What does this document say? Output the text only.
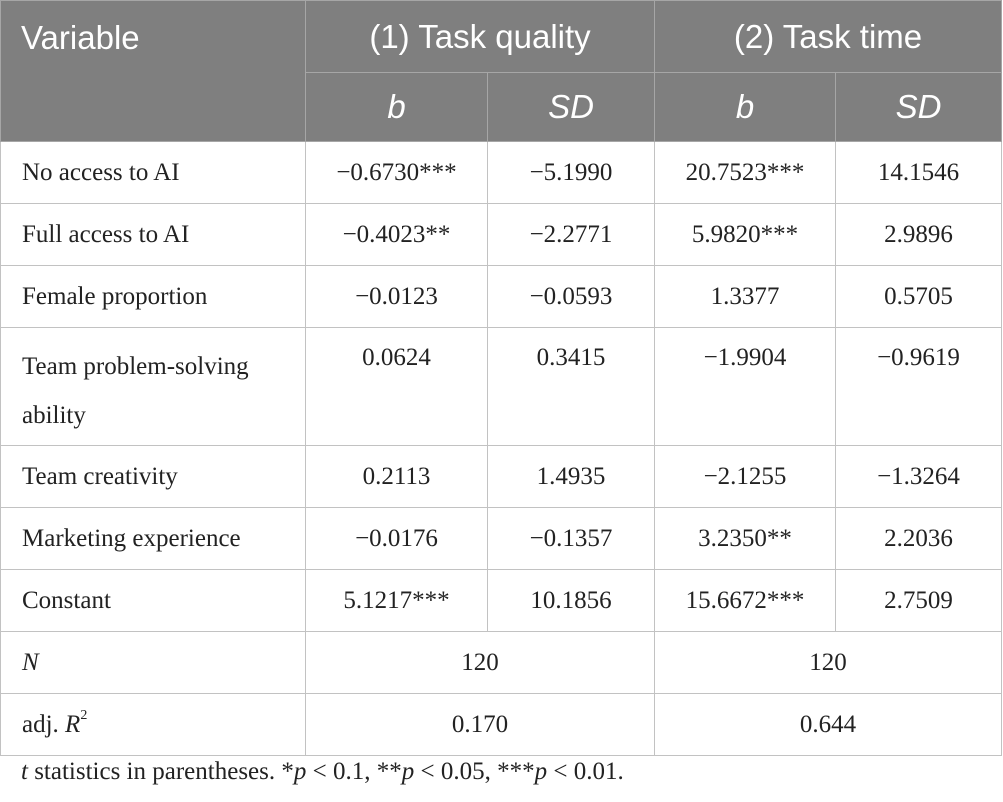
Variable	(1) Task quality		(2) Task time	
	b	SD	b	SD
No access to AI	−0.6730***	−5.1990	20.7523***	14.1546
Full access to AI	−0.4023**	−2.2771	5.9820***	2.9896
Female proportion	−0.0123	−0.0593	1.3377	0.5705
Team problem-solving ability	0.0624	0.3415	−1.9904	−0.9619
Team creativity	0.2113	1.4935	−2.1255	−1.3264
Marketing experience	−0.0176	−0.1357	3.2350**	2.2036
Constant	5.1217***	10.1856	15.6672***	2.7509
N	120		120	
adj. $R^2$	0.170		0.644	
t statistics in parentheses. *p < 0.1, **p < 0.05, ***p < 0.01.
